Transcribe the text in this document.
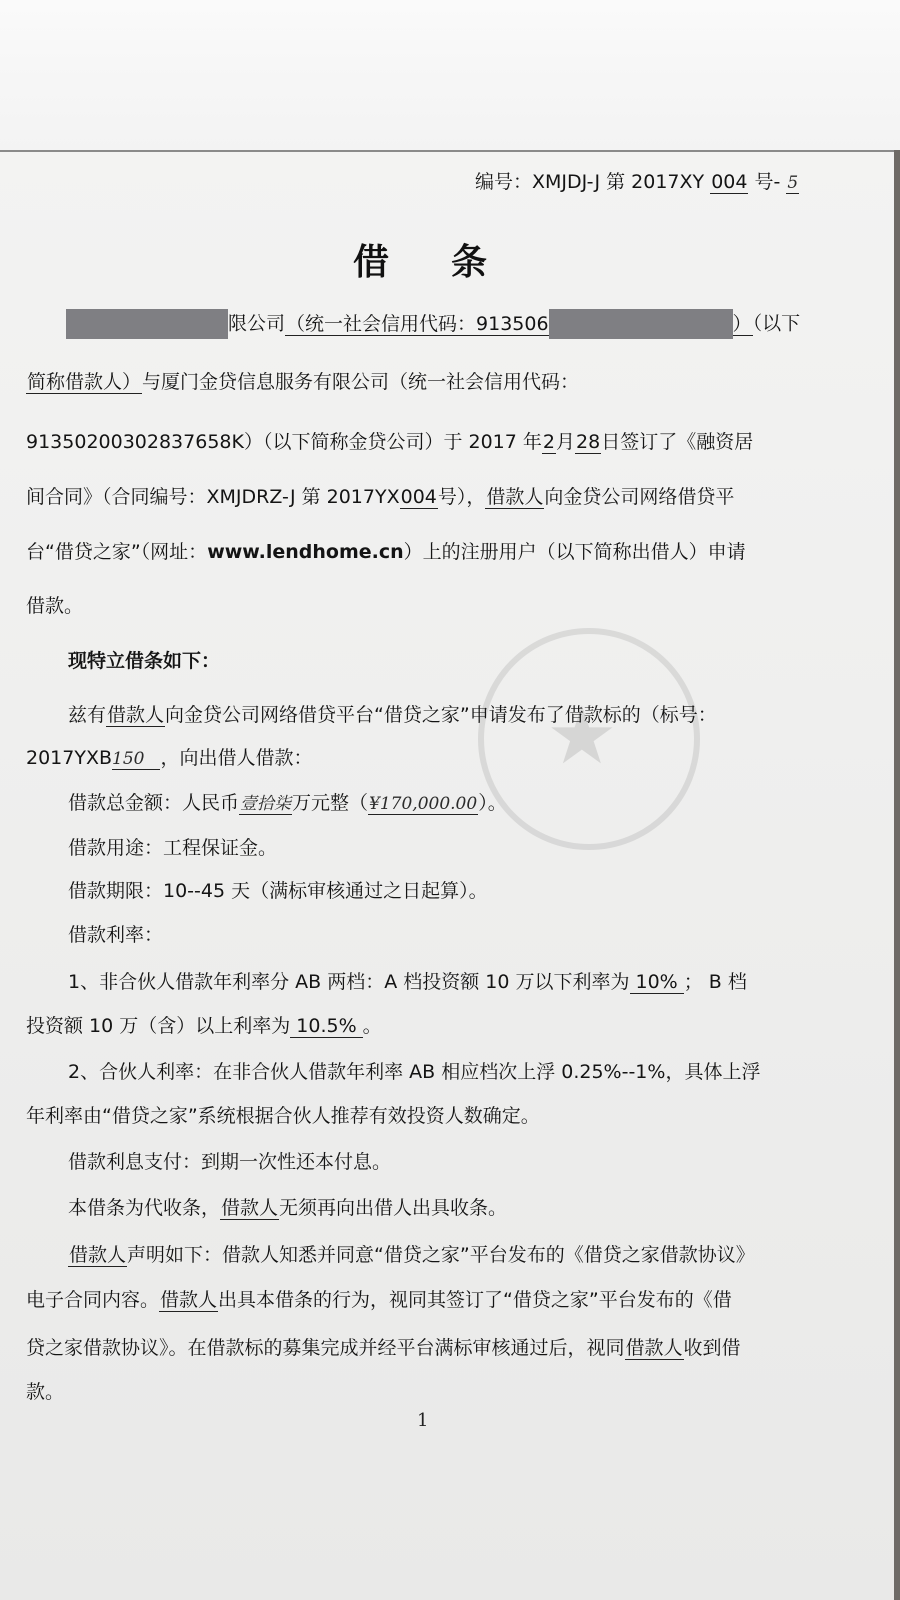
★
编号：XMJDJ-J 第 2017XY 004 号- 5
借条
限公司（统一社会信用代码：913506	）（以下
简称借款人）与厦门金贷信息服务有限公司（统一社会信用代码：
91350200302837658K）（以下简称金贷公司）于 2017 年2月28日签订了《融资居
间合同》（合同编号：XMJDRZ-J 第 2017YX004号），借款人向金贷公司网络借贷平
台“借贷之家”（网址：www.lendhome.cn）上的注册用户（以下简称出借人）申请
借款。
现特立借条如下：
兹有借款人向金贷公司网络借贷平台“借贷之家”申请发布了借款标的（标号：
2017YXB150 ，向出借人借款：
借款总金额：人民币壹拾柒万元整（¥170,000.00）。
借款用途：工程保证金。
借款期限：10--45 天（满标审核通过之日起算）。
借款利率：
1、非合伙人借款年利率分 AB 两档：A 档投资额 10 万以下利率为 10% ； B 档
投资额 10 万（含）以上利率为 10.5% 。
2、合伙人利率：在非合伙人借款年利率 AB 相应档次上浮 0.25%--1%，具体上浮
年利率由“借贷之家”系统根据合伙人推荐有效投资人数确定。
借款利息支付：到期一次性还本付息。
本借条为代收条，借款人无须再向出借人出具收条。
借款人声明如下：借款人知悉并同意“借贷之家”平台发布的《借贷之家借款协议》
电子合同内容。借款人出具本借条的行为，视同其签订了“借贷之家”平台发布的《借
贷之家借款协议》。在借款标的募集完成并经平台满标审核通过后，视同借款人收到借
款。
1
